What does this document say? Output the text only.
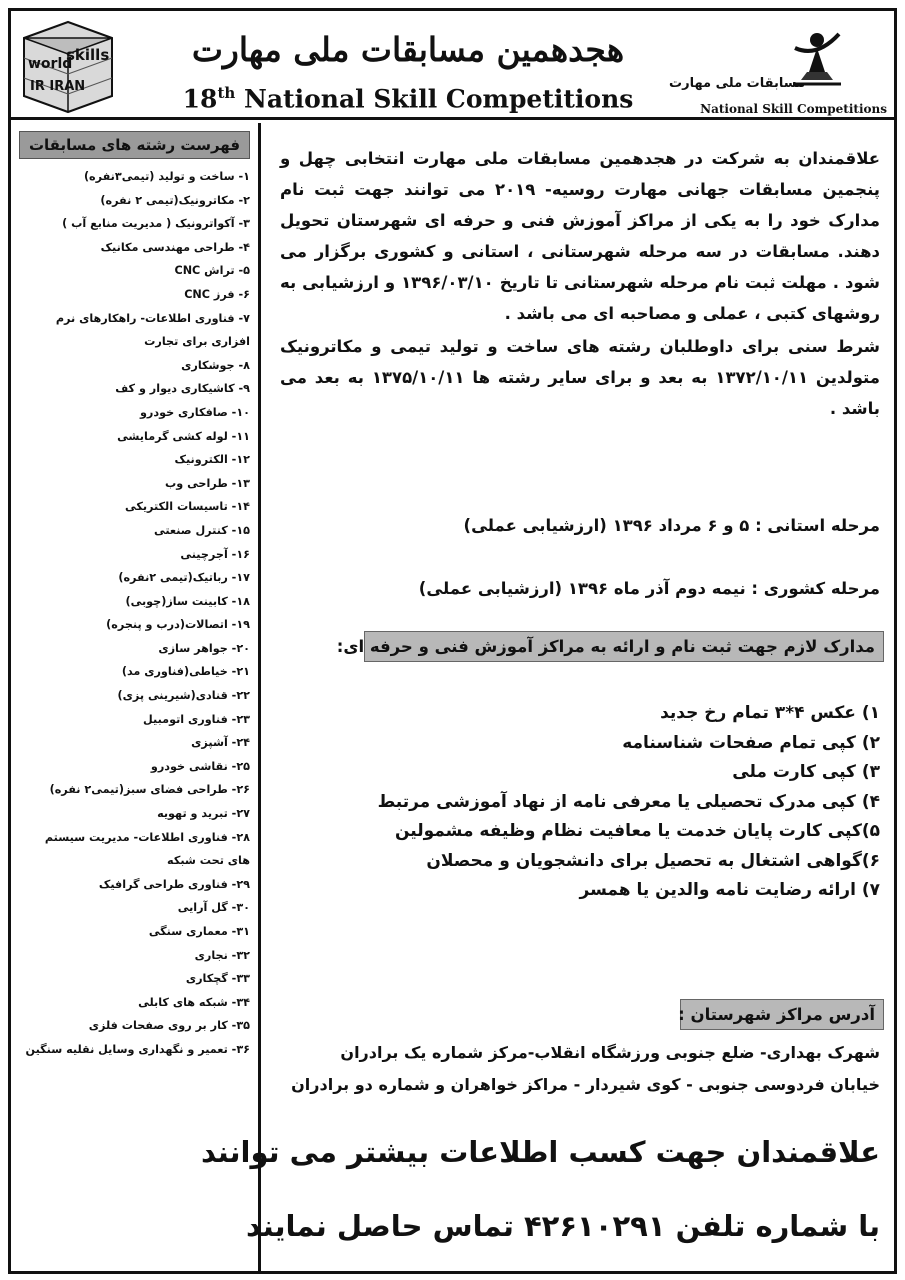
world
skills
IR IRAN
هجدهمین مسابقات ملی مهارت
18th National Skill Competitions
مسابقات ملی مهارت
National Skill Competitions
فهرست رشته های مسابقات
۱- ساخت و تولید (تیمی۳نفره)
۲- مکاترونیک(تیمی ۲ نفره)
۳- آکواترونیک ( مدیریت منابع آب )
۴- طراحی مهندسی مکانیک
۵- تراش CNC
۶- فرز CNC
۷- فناوری اطلاعات- راهکارهای نرم
افزاری برای تجارت
۸- جوشکاری
۹- کاشیکاری دیوار و کف
۱۰- صافکاری خودرو
۱۱- لوله کشی گرمایشی
۱۲- الکترونیک
۱۳- طراحی وب
۱۴- تاسیسات الکتریکی
۱۵- کنترل صنعتی
۱۶- آجرچینی
۱۷- رباتیک(تیمی ۲نفره)
۱۸- کابینت ساز(چوبی)
۱۹- اتصالات(درب و پنجره)
۲۰- جواهر سازی
۲۱- خیاطی(فناوری مد)
۲۲- قنادی(شیرینی پزی)
۲۳- فناوری اتومبیل
۲۴- آشپزی
۲۵- نقاشی خودرو
۲۶- طراحی فضای سبز(تیمی۲ نفره)
۲۷- تبرید و تهویه
۲۸- فناوری اطلاعات- مدیریت سیستم
های تحت شبکه
۲۹- فناوری طراحی گرافیک
۳۰- گل آرایی
۳۱- معماری سنگی
۳۲- نجاری
۳۳- گچکاری
۳۴- شبکه های کابلی
۳۵- کار بر روی صفحات فلزی
۳۶- تعمیر و نگهداری وسایل نقلیه سنگین

علاقمندان به شرکت در هجدهمین مسابقات ملی مهارت انتخابی چهل و پنجمین مسابقات جهانی مهارت روسیه- ۲۰۱۹ می توانند جهت ثبت نام مدارک خود را به یکی از مراکز آموزش فنی و حرفه ای شهرستان تحویل دهند. مسابقات در سه مرحله شهرستانی ، استانی و کشوری برگزار می شود . مهلت ثبت نام مرحله شهرستانی تا تاریخ ۱۳۹۶/۰۳/۱۰ و ارزشیابی به روشهای کتبی ، عملی و مصاحبه ای می باشد .

شرط سنی برای داوطلبان رشته های ساخت و تولید تیمی و مکاترونیک متولدین ۱۳۷۲/۱۰/۱۱ به بعد و برای سایر رشته ها ۱۳۷۵/۱۰/۱۱ به بعد می باشد .

مرحله استانی : ۵ و ۶ مرداد ۱۳۹۶ (ارزشیابی عملی)
مرحله کشوری : نیمه دوم آذر ماه ۱۳۹۶ (ارزشیابی عملی)
مدارک لازم جهت ثبت نام و ارائه به مراکز آموزش فنی و حرفه ای:
۱) عکس ۴*۳ تمام رخ جدید
۲) کپی تمام صفحات شناسنامه
۳) کپی کارت ملی
۴) کپی مدرک تحصیلی یا معرفی نامه از نهاد آموزشی مرتبط
۵)کپی کارت پایان خدمت یا معافیت نظام وظیفه مشمولین
۶)گواهی اشتغال به تحصیل برای دانشجویان و محصلان
۷) ارائه رضایت نامه والدین یا همسر
آدرس مراکز شهرستان :
شهرک بهداری- ضلع جنوبی ورزشگاه انقلاب-مرکز شماره یک برادران
خیابان فردوسی جنوبی - کوی شیردار - مراکز خواهران و شماره دو برادران
علاقمندان جهت کسب اطلاعات بیشتر می توانند
با شماره تلفن ۴۲۶۱۰۲۹۱ تماس حاصل نمایند
